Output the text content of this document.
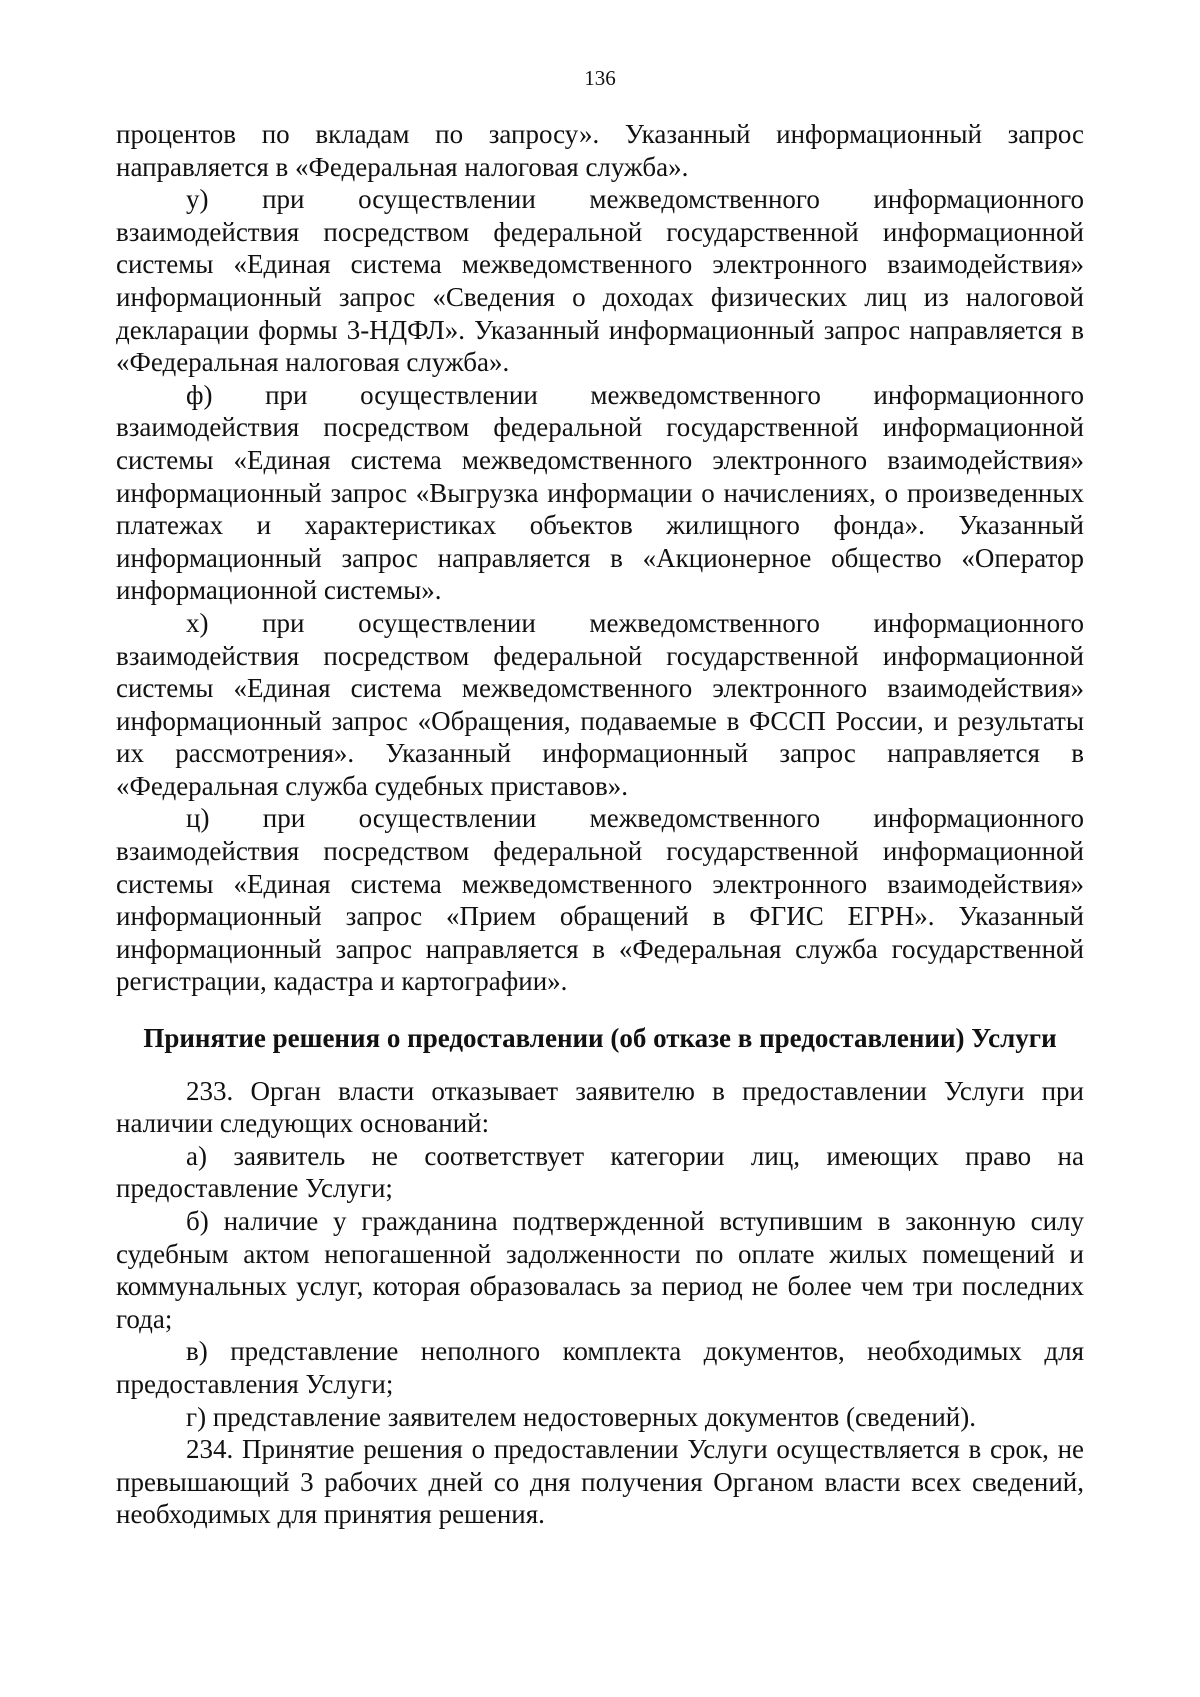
136

процентов по вкладам по запросу». Указанный информационный запрос направляется в «Федеральная налоговая служба».

у) при осуществлении межведомственного информационного взаимодействия посредством федеральной государственной информационной системы «Единая система межведомственного электронного взаимодействия» информационный запрос «Сведения о доходах физических лиц из налоговой декларации формы 3-НДФЛ». Указанный информационный запрос направляется в «Федеральная налоговая служба».

ф) при осуществлении межведомственного информационного взаимодействия посредством федеральной государственной информационной системы «Единая система межведомственного электронного взаимодействия» информационный запрос «Выгрузка информации о начислениях, о произведенных платежах и характеристиках объектов жилищного фонда». Указанный информационный запрос направляется в «Акционерное общество «Оператор информационной системы».

х) при осуществлении межведомственного информационного взаимодействия посредством федеральной государственной информационной системы «Единая система межведомственного электронного взаимодействия» информационный запрос «Обращения, подаваемые в ФССП России, и результаты их рассмотрения». Указанный информационный запрос направляется в «Федеральная служба судебных приставов».

ц) при осуществлении межведомственного информационного взаимодействия посредством федеральной государственной информационной системы «Единая система межведомственного электронного взаимодействия» информационный запрос «Прием обращений в ФГИС ЕГРН». Указанный информационный запрос направляется в «Федеральная служба государственной регистрации, кадастра и картографии».

Принятие решения о предоставлении (об отказе в предоставлении) Услуги

233. Орган власти отказывает заявителю в предоставлении Услуги при наличии следующих оснований:

а) заявитель не соответствует категории лиц, имеющих право на предоставление Услуги;

б) наличие у гражданина подтвержденной вступившим в законную силу судебным актом непогашенной задолженности по оплате жилых помещений и коммунальных услуг, которая образовалась за период не более чем три последних года;

в) представление неполного комплекта документов, необходимых для предоставления Услуги;

г) представление заявителем недостоверных документов (сведений).

234. Принятие решения о предоставлении Услуги осуществляется в срок, не превышающий 3 рабочих дней со дня получения Органом власти всех сведений, необходимых для принятия решения.
